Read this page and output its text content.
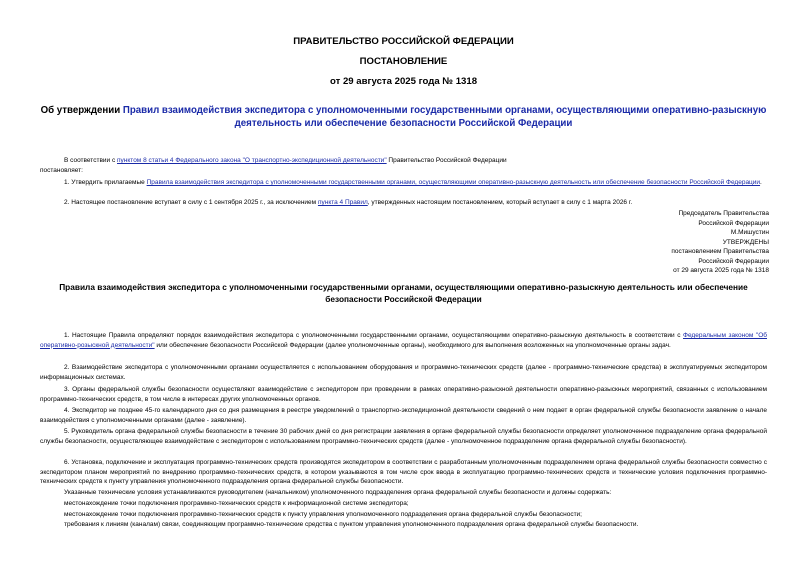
ПРАВИТЕЛЬСТВО РОССИЙСКОЙ ФЕДЕРАЦИИ
ПОСТАНОВЛЕНИЕ
от 29 августа 2025 года № 1318
Об утверждении Правил взаимодействия экспедитора с уполномоченными государственными органами, осуществляющими оперативно-разыскную деятельность или обеспечение безопасности Российской Федерации
В соответствии с пунктом 8 статьи 4 Федерального закона "О транспортно-экспедиционной деятельности" Правительство Российской Федерации
постановляет:
1. Утвердить прилагаемые Правила взаимодействия экспедитора с уполномоченными государственными органами, осуществляющими оперативно-разыскную деятельность или обеспечение безопасности Российской Федерации.
2. Настоящее постановление вступает в силу с 1 сентября 2025 г., за исключением пункта 4 Правил, утвержденных настоящим постановлением, который вступает в силу с 1 марта 2026 г.
Председатель Правительства
Российской Федерации
М.Мишустин
УТВЕРЖДЕНЫ
постановлением Правительства
Российской Федерации
от 29 августа 2025 года № 1318
Правила взаимодействия экспедитора с уполномоченными государственными органами, осуществляющими оперативно-разыскную деятельность или обеспечение безопасности Российской Федерации
1. Настоящие Правила определяют порядок взаимодействия экспедитора с уполномоченными государственными органами, осуществляющими оперативно-разыскную деятельность в соответствии с Федеральным законом "Об оперативно-розыскной деятельности" или обеспечение безопасности Российской Федерации (далее уполномоченные органы), необходимого для выполнения возложенных на уполномоченные органы задач.
2. Взаимодействие экспедитора с уполномоченными органами осуществляется с использованием оборудования и программно-технических средств (далее - программно-технические средства) в эксплуатируемых экспедитором информационных системах.
3. Органы федеральной службы безопасности осуществляют взаимодействие с экспедитором при проведении в рамках оперативно-разыскной деятельности оперативно-разыскных мероприятий, связанных с использованием программно-технических средств, в том числе в интересах других уполномоченных органов.
4. Экспедитор не позднее 45-го календарного дня со дня размещения в реестре уведомлений о транспортно-экспедиционной деятельности сведений о нем подает в орган федеральной службы безопасности заявление о начале взаимодействия с уполномоченными органами (далее - заявление).
5. Руководитель органа федеральной службы безопасности в течение 30 рабочих дней со дня регистрации заявления в органе федеральной службы безопасности определяет уполномоченное подразделение органа федеральной службы безопасности, осуществляющее взаимодействие с экспедитором с использованием программно-технических средств (далее - уполномоченное подразделение органа федеральной службы безопасности).
6. Установка, подключение и эксплуатация программно-технических средств производятся экспедитором в соответствии с разработанным уполномоченным подразделением органа федеральной службы безопасности совместно с экспедитором планом мероприятий по внедрению программно-технических средств, в котором указываются в том числе срок ввода в эксплуатацию программно-технических средств и технические условия подключения программно-технических средств к пункту управления уполномоченного подразделения органа федеральной службы безопасности.
Указанные технические условия устанавливаются руководителем (начальником) уполномоченного подразделения органа федеральной службы безопасности и должны содержать:
местонахождение точки подключения программно-технических средств к информационной системе экспедитора;
местонахождение точки подключения программно-технических средств к пункту управления уполномоченного подразделения органа федеральной службы безопасности;
требования к линиям (каналам) связи, соединяющим программно-технические средства с пунктом управления уполномоченного подразделения органа федеральной службы безопасности.
